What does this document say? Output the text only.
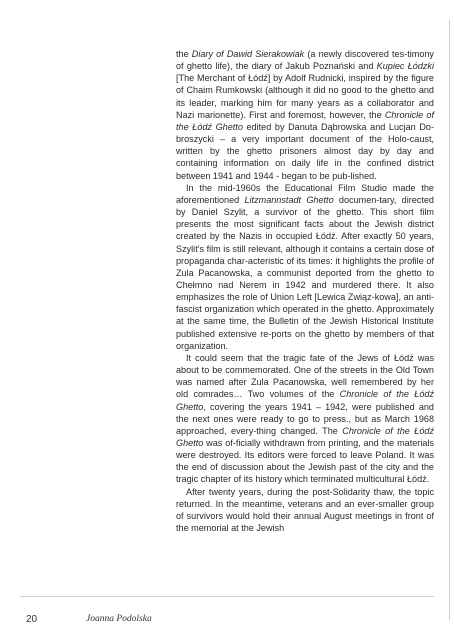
the Diary of Dawid Sierakowiak (a newly discovered tes-timony of ghetto life), the diary of Jakub Poznański and Kupiec Łódzki [The Merchant of Łódź] by Adolf Rudnicki, inspired by the figure of Chaim Rumkowski (although it did no good to the ghetto and its leader, marking him for many years as a collaborator and Nazi marionette). First and foremost, however, the Chronicle of the Łódź Ghetto edited by Danuta Dąbrowska and Lucjan Do-broszycki – a very important document of the Holo-caust, written by the ghetto prisoners almost day by day and containing information on daily life in the confined district between 1941 and 1944 - began to be pub-lished.

In the mid-1960s the Educational Film Studio made the aforementioned Litzmannstadt Ghetto documen-tary, directed by Daniel Szylit, a survivor of the ghetto. This short film presents the most significant facts about the Jewish district created by the Nazis in occupied Łódź. After exactly 50 years, Szylit's film is still relevant, although it contains a certain dose of propaganda char-acteristic of its times: it highlights the profile of Zula Pacanowska, a communist deported from the ghetto to Chełmno nad Nerem in 1942 and murdered there. It also emphasizes the role of Union Left [Lewica Związ-kowa], an anti-fascist organization which operated in the ghetto. Approximately at the same time, the Bulletin of the Jewish Historical Institute published extensive re-ports on the ghetto by members of that organization.

It could seem that the tragic fate of the Jews of Łódź was about to be commemorated. One of the streets in the Old Town was named after Zula Pacanowska, well remembered by her old comrades… Two volumes of the Chronicle of the Łódź Ghetto, covering the years 1941 – 1942, were published and the next ones were ready to go to press., but as March 1968 approached, every-thing changed. The Chronicle of the Łódź Ghetto was of-ficially withdrawn from printing, and the materials were destroyed. Its editors were forced to leave Poland. It was the end of discussion about the Jewish past of the city and the tragic chapter of its history which terminated multicultural Łódź.

After twenty years, during the post-Solidarity thaw, the topic returned. In the meantime, veterans and an ever-smaller group of survivors would hold their annual August meetings in front of the memorial at the Jewish

20	Joanna Podolska
